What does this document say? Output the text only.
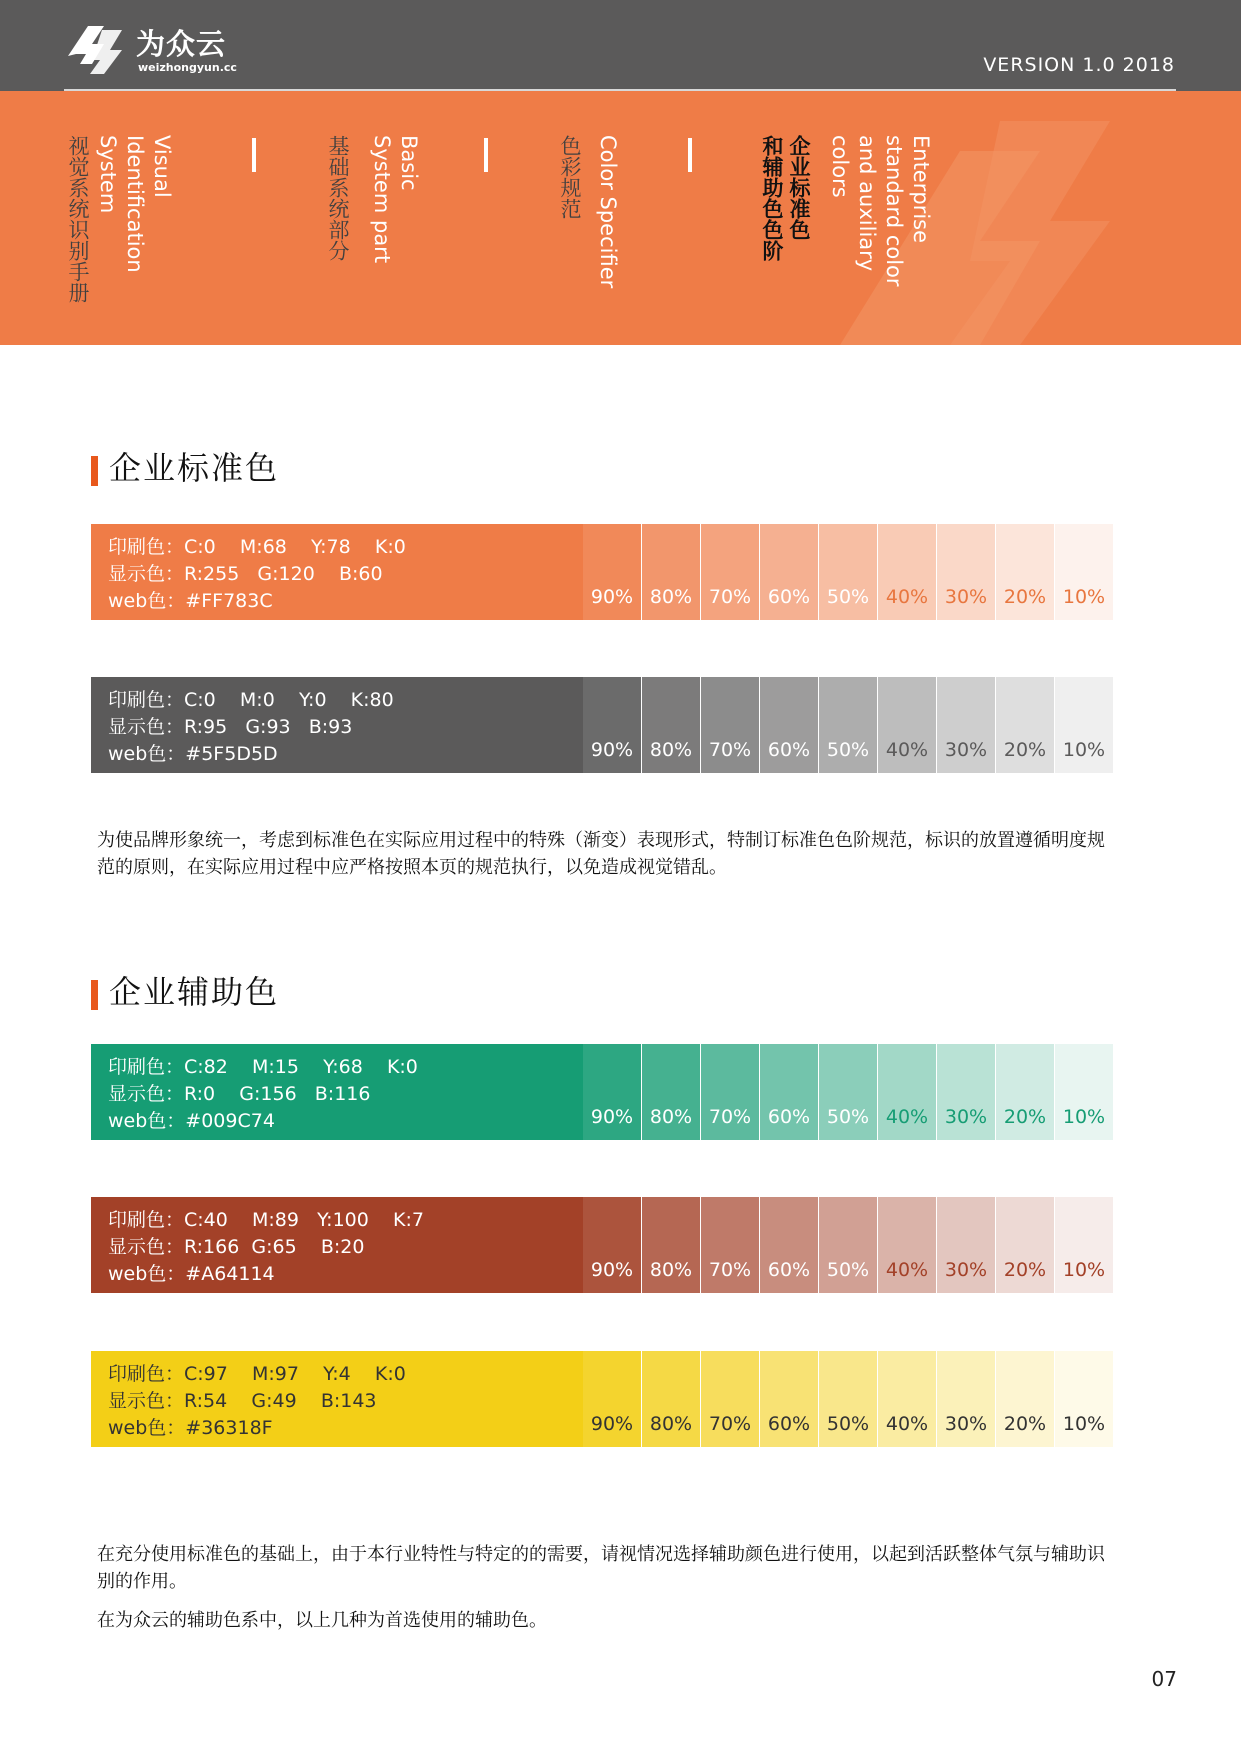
为众云
weizhongyun.cc	VERSION 1.0 2018
视觉系统识别手册	Visual
Identification
System	基础系统部分	Basic
System part
色彩规范 Color Specifier	企业标准色
和辅助色色阶	Enterprise
standard color
and auxiliary
colors
企业标准色
印刷色：C:0    M:68    Y:78    K:0
显示色：R:255   G:120    B:60
web色：#FF783C	90% 80% 70% 60% 50% 40% 30% 20% 10%
印刷色：C:0    M:0    Y:0    K:80
显示色：R:95   G:93   B:93
web色：#5F5D5D	90% 80% 70% 60% 50% 40% 30% 20% 10%
为使品牌形象统一，考虑到标准色在实际应用过程中的特殊（渐变）表现形式，特制订标准色色阶规范，标识的放置遵循明度规范的原则，在实际应用过程中应严格按照本页的规范执行，以免造成视觉错乱。
企业辅助色
印刷色：C:82    M:15    Y:68    K:0
显示色：R:0    G:156   B:116
web色：#009C74	90% 80% 70% 60% 50% 40% 30% 20% 10%
印刷色：C:40    M:89   Y:100    K:7
显示色：R:166  G:65    B:20
web色：#A64114	90% 80% 70% 60% 50% 40% 30% 20% 10%
印刷色：C:97    M:97    Y:4    K:0
显示色：R:54    G:49    B:143
web色：#36318F	90% 80% 70% 60% 50% 40% 30% 20% 10%
在充分使用标准色的基础上，由于本行业特性与特定的的需要，请视情况选择辅助颜色进行使用，以起到活跃整体气氛与辅助识别的作用。
在为众云的辅助色系中，以上几种为首选使用的辅助色。
07
